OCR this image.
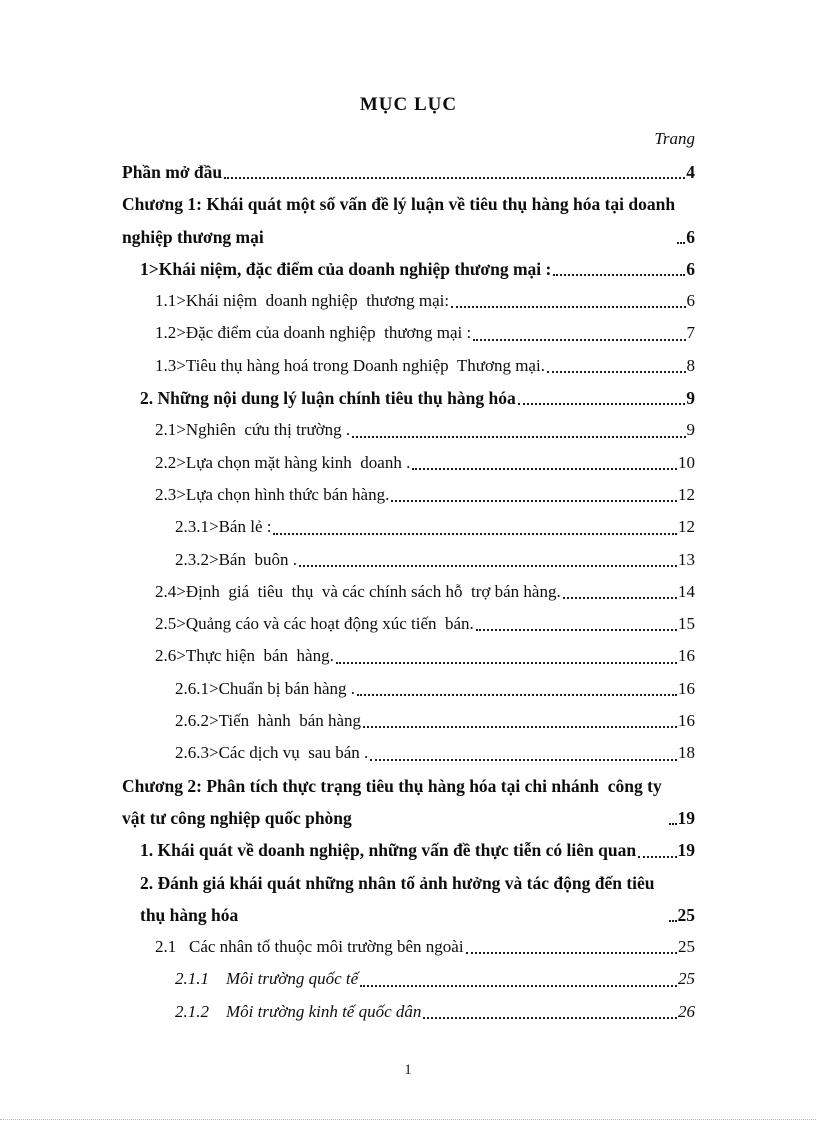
MỤC LỤC
Trang
Phần mở đầu	4
Chương 1: Khái quát một số vấn đề lý luận về tiêu thụ hàng hóa tại doanh nghiệp thương mại	6
1>Khái niệm, đặc điểm của doanh nghiệp thương mại :	6
1.1>Khái niệm  doanh nghiệp  thương mại:	6
1.2>Đặc điểm của doanh nghiệp  thương mại :	7
1.3>Tiêu thụ hàng hoá trong Doanh nghiệp  Thương mại.	8
2. Những nội dung lý luận chính tiêu thụ hàng hóa	9
2.1>Nghiên  cứu thị trường .	9
2.2>Lựa chọn mặt hàng kinh  doanh .	10
2.3>Lựa chọn hình thức bán hàng.	12
2.3.1>Bán lẻ :	12
2.3.2>Bán  buôn .	13
2.4>Định  giá  tiêu  thụ  và các chính sách hỗ  trợ bán hàng.	14
2.5>Quảng cáo và các hoạt động xúc tiến  bán.	15
2.6>Thực hiện  bán  hàng.	16
2.6.1>Chuẩn bị bán hàng .	16
2.6.2>Tiến  hành  bán hàng	16
2.6.3>Các dịch vụ  sau bán .	18
Chương 2: Phân tích thực trạng tiêu thụ hàng hóa tại chi nhánh  công ty vật tư công nghiệp quốc phòng	19
1. Khái quát về doanh nghiệp, những vấn đề thực tiễn có liên quan 19
2. Đánh giá khái quát những nhân tố ảnh hưởng và tác động đến tiêu thụ hàng hóa	25
2.1   Các nhân tố thuộc môi trường bên ngoài	25
2.1.1    Môi trường quốc tế	25
2.1.2    Môi trường kinh tế quốc dân	26
1
